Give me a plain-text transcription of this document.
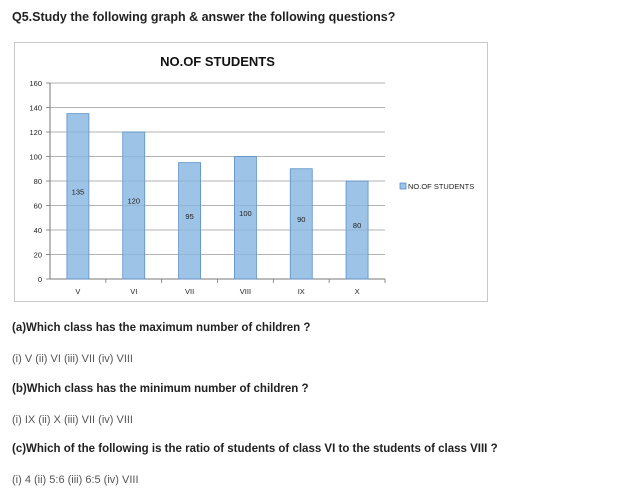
Q5.Study the following graph & answer the following questions?
NO.OF STUDENTS
0
20
40
60
80
100
120
140
160
135
V
120
VI
95
VII
100
VIII
90
IX
80
X
NO.OF STUDENTS
(a)Which class has the maximum number of children ?
(i) V (ii) VI (iii) VII (iv) VIII
(b)Which class has the minimum number of children ?
(i) IX (ii) X (iii) VII (iv) VIII
(c)Which of the following is the ratio of students of class VI to the students of class VIII ?
(i) 4 (ii) 5:6 (iii) 6:5 (iv) VIII
